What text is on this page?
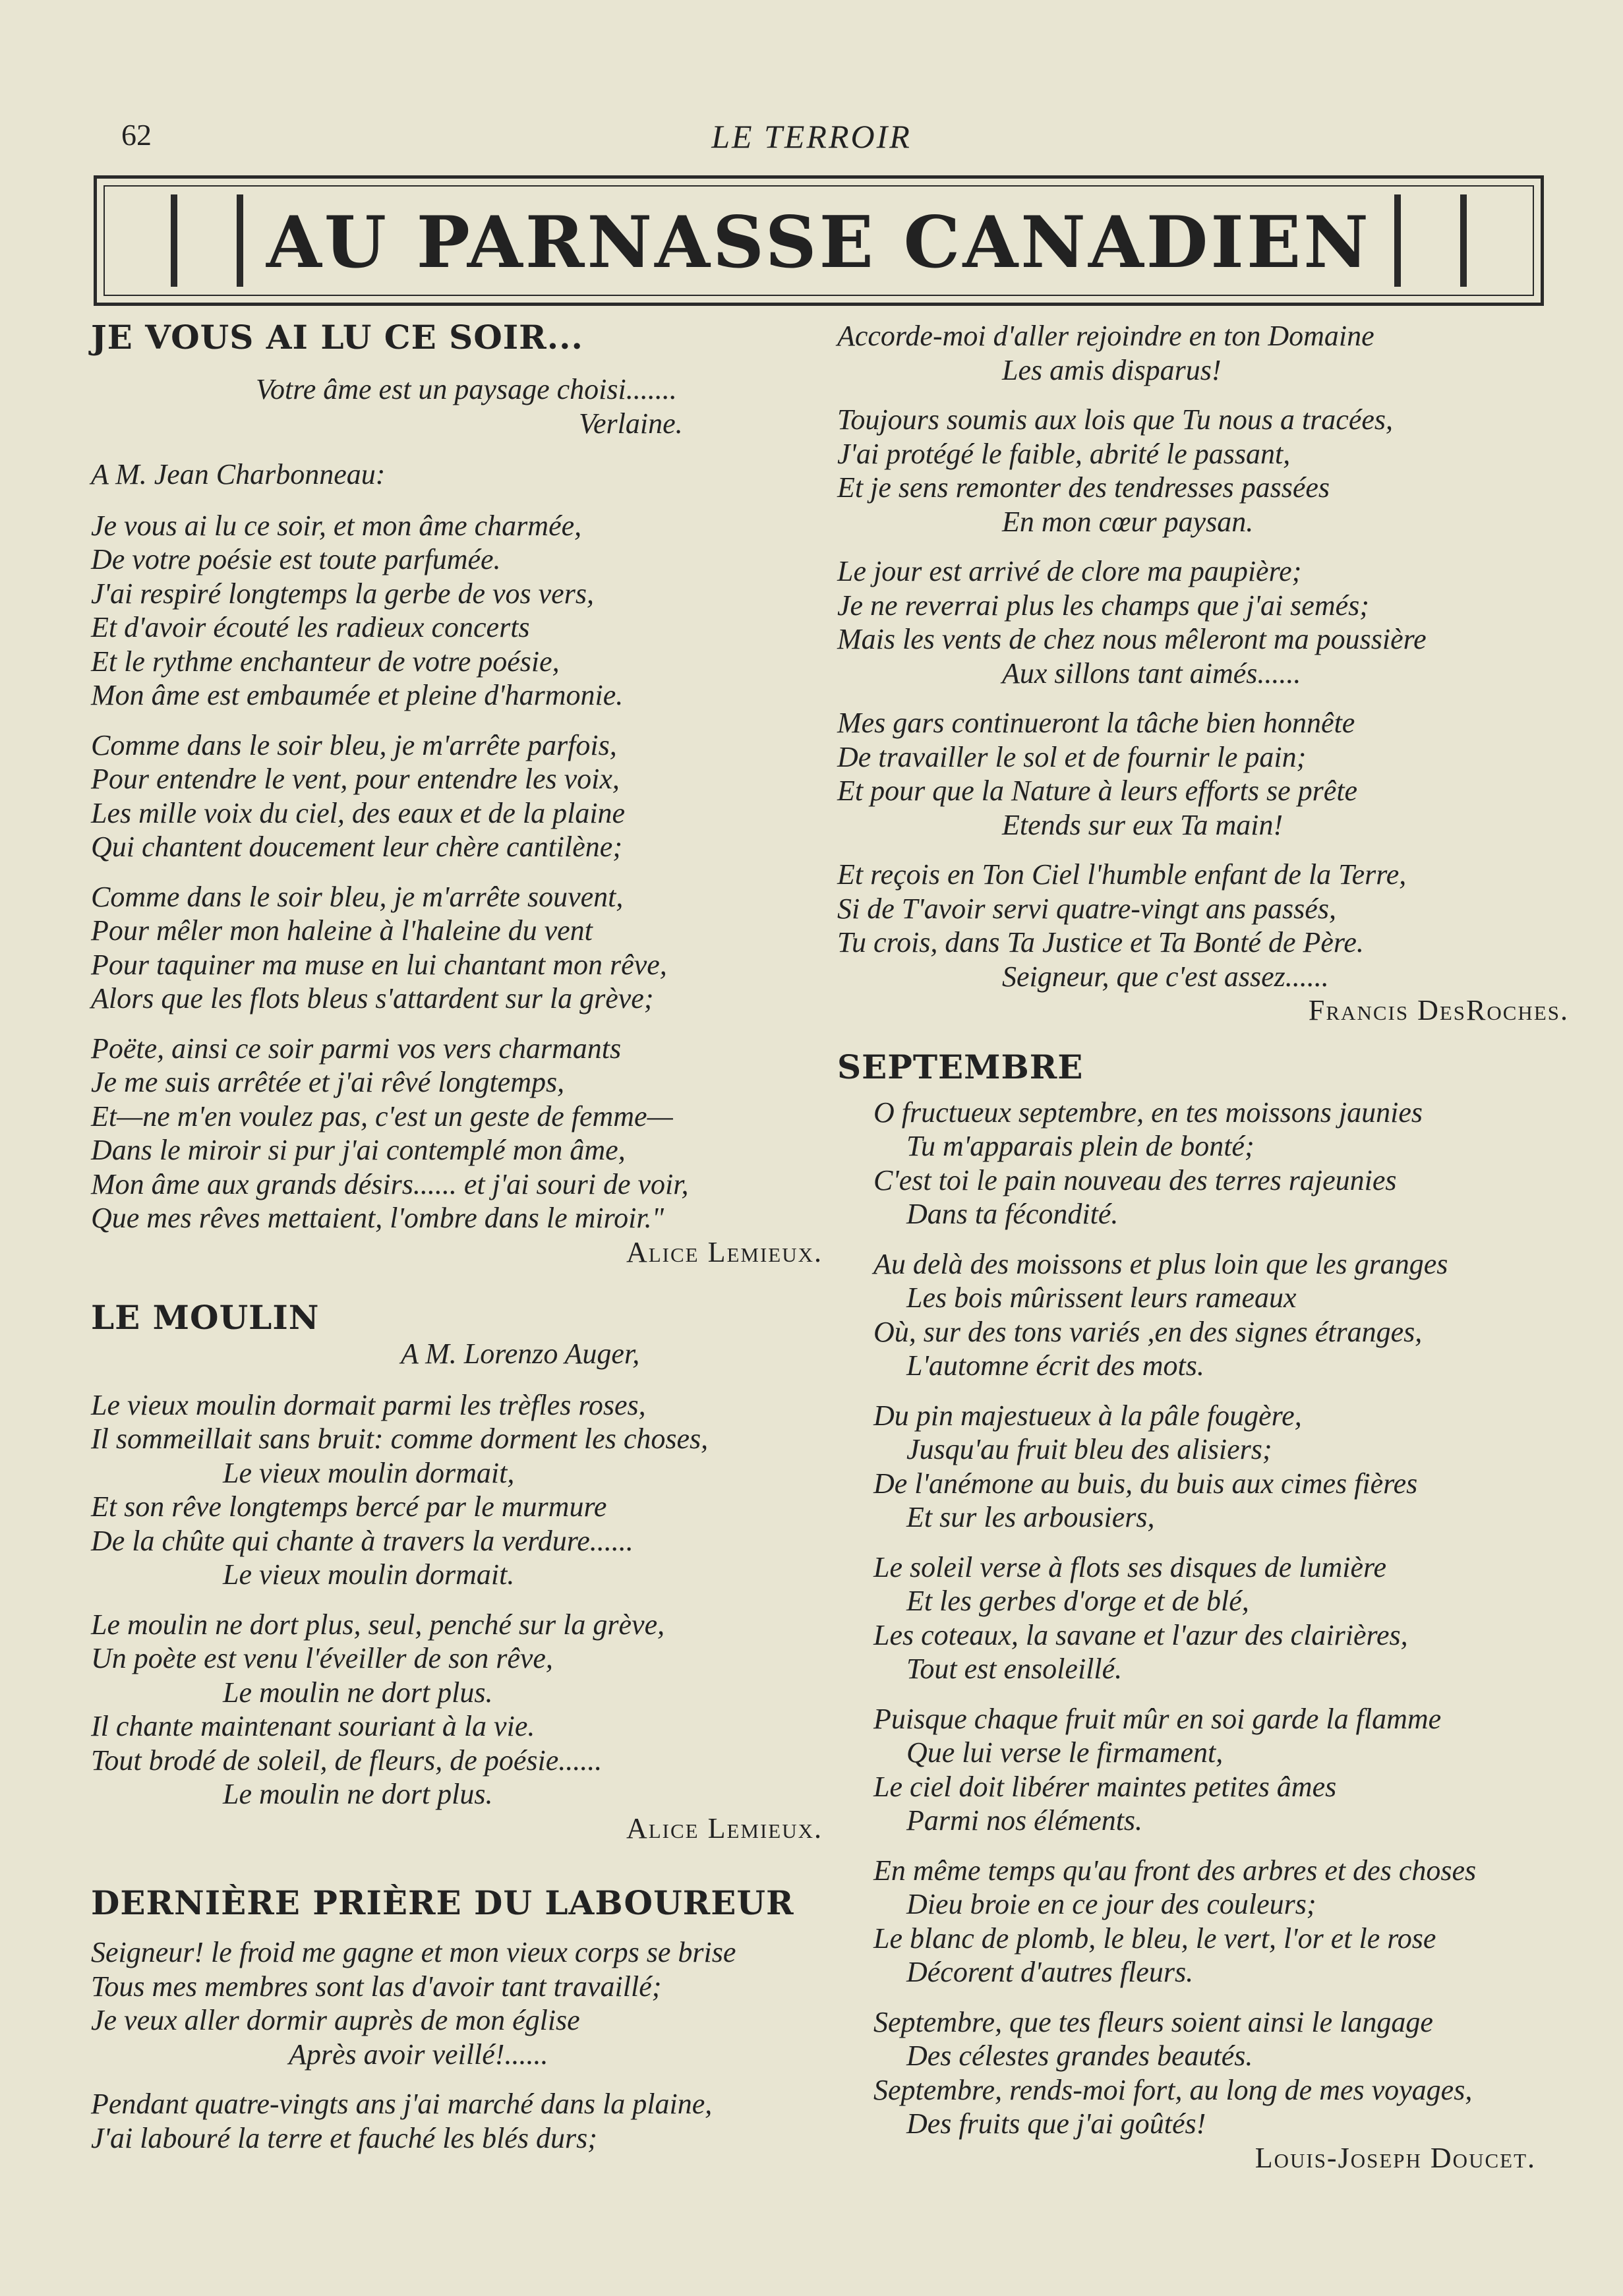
62	LE TERROIR
AU PARNASSE CANADIEN
JE VOUS AI LU CE SOIR...
Votre âme est un paysage choisi.......
Verlaine.
A M. Jean Charbonneau:
Je vous ai lu ce soir, et mon âme charmée,
De votre poésie est toute parfumée.
J'ai respiré longtemps la gerbe de vos vers,
Et d'avoir écouté les radieux concerts
Et le rythme enchanteur de votre poésie,
Mon âme est embaumée et pleine d'harmonie.
Comme dans le soir bleu, je m'arrête parfois,
Pour entendre le vent, pour entendre les voix,
Les mille voix du ciel, des eaux et de la plaine
Qui chantent doucement leur chère cantilène;
Comme dans le soir bleu, je m'arrête souvent,
Pour mêler mon haleine à l'haleine du vent
Pour taquiner ma muse en lui chantant mon rêve,
Alors que les flots bleus s'attardent sur la grève;
Poëte, ainsi ce soir parmi vos vers charmants
Je me suis arrêtée et j'ai rêvé longtemps,
Et—ne m'en voulez pas, c'est un geste de femme—
Dans le miroir si pur j'ai contemplé mon âme,
Mon âme aux grands désirs...... et j'ai souri de voir,
Que mes rêves mettaient, l'ombre dans le miroir."
Alice Lemieux.
LE MOULIN
A M. Lorenzo Auger,
Le vieux moulin dormait parmi les trèfles roses,
Il sommeillait sans bruit: comme dorment les choses,
Le vieux moulin dormait,
Et son rêve longtemps bercé par le murmure
De la chûte qui chante à travers la verdure......
Le vieux moulin dormait.
Le moulin ne dort plus, seul, penché sur la grève,
Un poète est venu l'éveiller de son rêve,
Le moulin ne dort plus.
Il chante maintenant souriant à la vie.
Tout brodé de soleil, de fleurs, de poésie......
Le moulin ne dort plus.
Alice Lemieux.
DERNIÈRE PRIÈRE DU LABOUREUR
Seigneur! le froid me gagne et mon vieux corps se brise
Tous mes membres sont las d'avoir tant travaillé;
Je veux aller dormir auprès de mon église
Après avoir veillé!......
Pendant quatre-vingts ans j'ai marché dans la plaine,
J'ai labouré la terre et fauché les blés durs;
Accorde-moi d'aller rejoindre en ton Domaine
Les amis disparus!
Toujours soumis aux lois que Tu nous a tracées,
J'ai protégé le faible, abrité le passant,
Et je sens remonter des tendresses passées
En mon cœur paysan.
Le jour est arrivé de clore ma paupière;
Je ne reverrai plus les champs que j'ai semés;
Mais les vents de chez nous mêleront ma poussière
Aux sillons tant aimés......
Mes gars continueront la tâche bien honnête
De travailler le sol et de fournir le pain;
Et pour que la Nature à leurs efforts se prête
Etends sur eux Ta main!
Et reçois en Ton Ciel l'humble enfant de la Terre,
Si de T'avoir servi quatre-vingt ans passés,
Tu crois, dans Ta Justice et Ta Bonté de Père.
Seigneur, que c'est assez......
Francis DesRoches.
SEPTEMBRE
O fructueux septembre, en tes moissons jaunies
Tu m'apparais plein de bonté;
C'est toi le pain nouveau des terres rajeunies
Dans ta fécondité.
Au delà des moissons et plus loin que les granges
Les bois mûrissent leurs rameaux
Où, sur des tons variés ,en des signes étranges,
L'automne écrit des mots.
Du pin majestueux à la pâle fougère,
Jusqu'au fruit bleu des alisiers;
De l'anémone au buis, du buis aux cimes fières
Et sur les arbousiers,
Le soleil verse à flots ses disques de lumière
Et les gerbes d'orge et de blé,
Les coteaux, la savane et l'azur des clairières,
Tout est ensoleillé.
Puisque chaque fruit mûr en soi garde la flamme
Que lui verse le firmament,
Le ciel doit libérer maintes petites âmes
Parmi nos éléments.
En même temps qu'au front des arbres et des choses
Dieu broie en ce jour des couleurs;
Le blanc de plomb, le bleu, le vert, l'or et le rose
Décorent d'autres fleurs.
Septembre, que tes fleurs soient ainsi le langage
Des célestes grandes beautés.
Septembre, rends-moi fort, au long de mes voyages,
Des fruits que j'ai goûtés!
Louis-Joseph Doucet.
